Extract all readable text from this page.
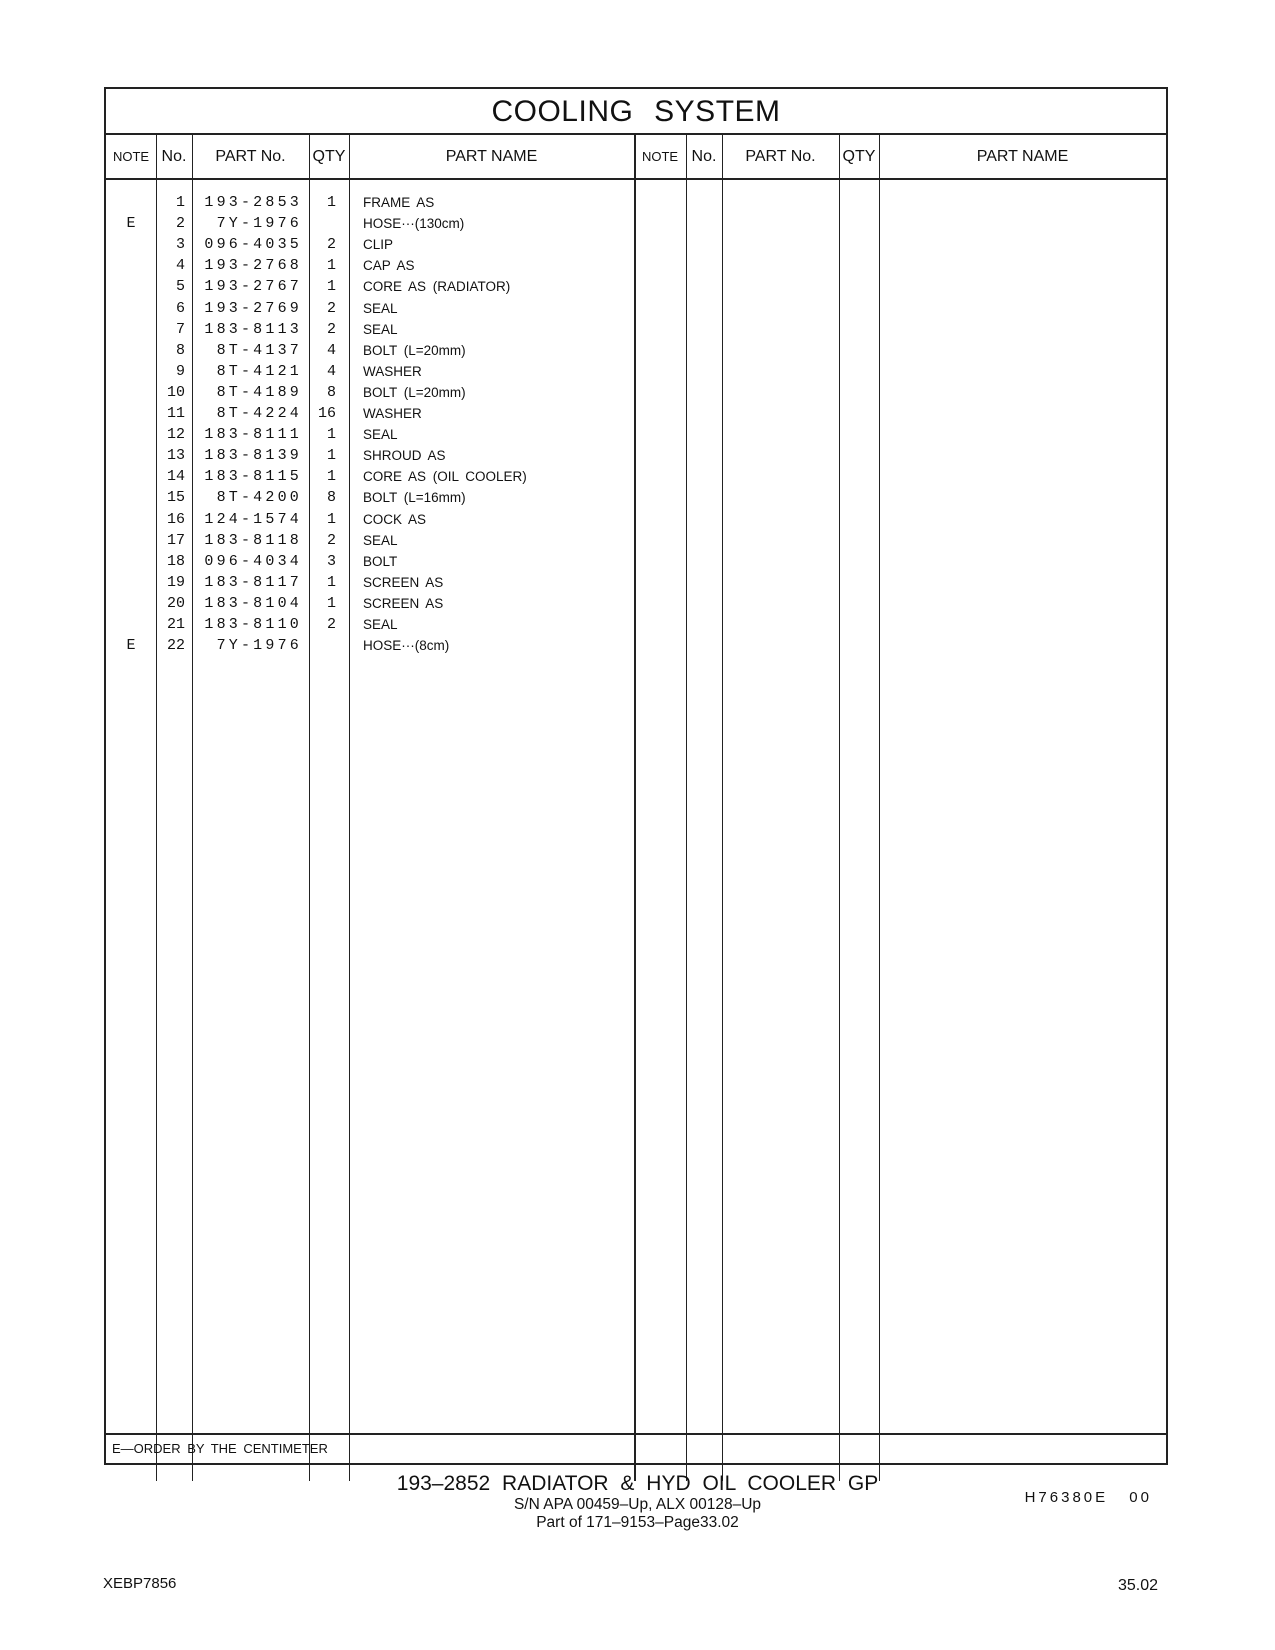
COOLING SYSTEM
NOTE No.	PART No.	QTY	PART NAME	NOTE No.	PART No.	QTY	PART NAME
1	193-2853	1 FRAME AS
E	2	7Y-1976	HOSE···(130cm)
3	096-4035	2 CLIP
4	193-2768	1 CAP AS
5	193-2767	1 CORE AS (RADIATOR)
6	193-2769	2 SEAL
7	183-8113	2 SEAL
8	8T-4137	4 BOLT (L=20mm)
9	8T-4121	4 WASHER
10	8T-4189	8 BOLT (L=20mm)
11	8T-4224	16 WASHER
12	183-8111	1 SEAL
13	183-8139	1 SHROUD AS
14	183-8115	1 CORE AS (OIL COOLER)
15	8T-4200	8 BOLT (L=16mm)
16	124-1574	1 COCK AS
17	183-8118	2 SEAL
18	096-4034	3 BOLT
19	183-8117	1 SCREEN AS
20	183-8104	1 SCREEN AS
21	183-8110	2 SEAL
E	22	7Y-1976	HOSE···(8cm)
E—ORDER BY THE CENTIMETER
H76380E 00
193–2852 RADIATOR & HYD OIL COOLER GP
S/N APA 00459–Up, ALX 00128–Up
Part of 171–9153–Page33.02
XEBP7856	35.02
